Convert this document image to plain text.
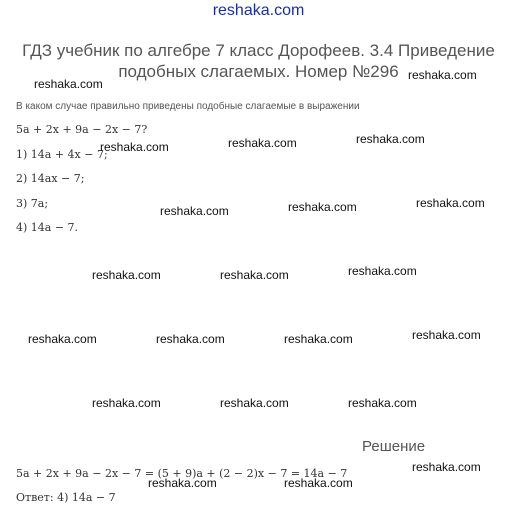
reshaka.com
ГДЗ учебник по алгебре 7 класс Дорофеев. 3.4 Приведение
подобных слагаемых. Номер №296
В каком случае правильно приведены подобные слагаемые в выражении
5a + 2x + 9a − 2x − 7?
1) 14a + 4x − 7;
2) 14ax − 7;
3) 7a;
4) 14a − 7.
Решение
5a + 2x + 9a − 2x − 7 = (5 + 9)a + (2 − 2)x − 7 = 14a − 7
Ответ: 4) 14a − 7
reshaka.com
reshaka.com
reshaka.com	reshaka.com	reshaka.com
reshaka.com	reshaka.com	reshaka.com
reshaka.com	reshaka.com	reshaka.com
reshaka.com	reshaka.com	reshaka.com	reshaka.com
reshaka.com	reshaka.com	reshaka.com
reshaka.com
reshaka.com	reshaka.com
